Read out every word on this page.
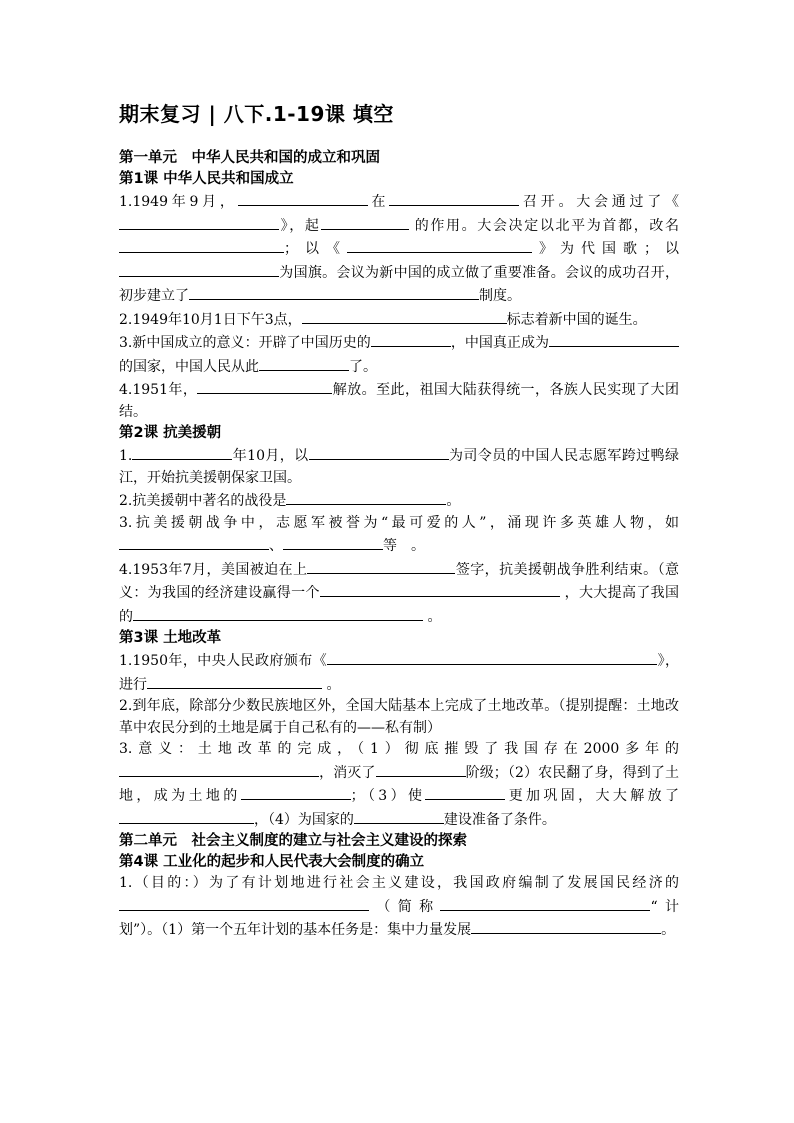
期末复习 | 八下.1-19课 填空
第一单元　中华人民共和国的成立和巩固
第1课 中华人民共和国成立
1.1949年9月，	在	召开。大会通过了《》，起	的作用。大会决定以北平为首都，改名；以《	》为代国歌；以为国旗。会议为新中国的成立做了重要准备。会议的成功召开，初步建立了	制度。
2.1949年10月1日下午3点，	标志着新中国的诞生。
3.新中国成立的意义：开辟了中国历史的	，中国真正成为的国家，中国人民从此	了。
4.1951年，	解放。至此，祖国大陆获得统一，各族人民实现了大团结。
第2课 抗美援朝
1.	年10月，以	为司令员的中国人民志愿军跨过鸭绿江，开始抗美援朝保家卫国。
2.抗美援朝中著名的战役是	。
3.抗美援朝战争中，志愿军被誉为“最可爱的人”，涌现许多英雄人物，如、	等　。
4.1953年7月，美国被迫在上	签字，抗美援朝战争胜利结束。（意义：为我国的经济建设赢得一个	，大大提高了我国的	。
第3课 土地改革
1.1950年，中央人民政府颁布《	》，进行	。
2.到年底，除部分少数民族地区外，全国大陆基本上完成了土地改革。（提别提醒：土地改革中农民分到的土地是属于自己私有的——私有制）
3.意义：土地改革的完成，（1）彻底摧毁了我国存在2000多年的，消灭了	阶级；（2）农民翻了身，得到了土地，成为土地的	；（3）使	更加巩固，大大解放了，（4）为国家的	建设准备了条件。
第二单元　社会主义制度的建立与社会主义建设的探索
第4课 工业化的起步和人民代表大会制度的确立
1.（目的：）为了有计划地进行社会主义建设，我国政府编制了发展国民经济的（简称	“计划”）。（1）第一个五年计划的基本任务是：集中力量发展	。
